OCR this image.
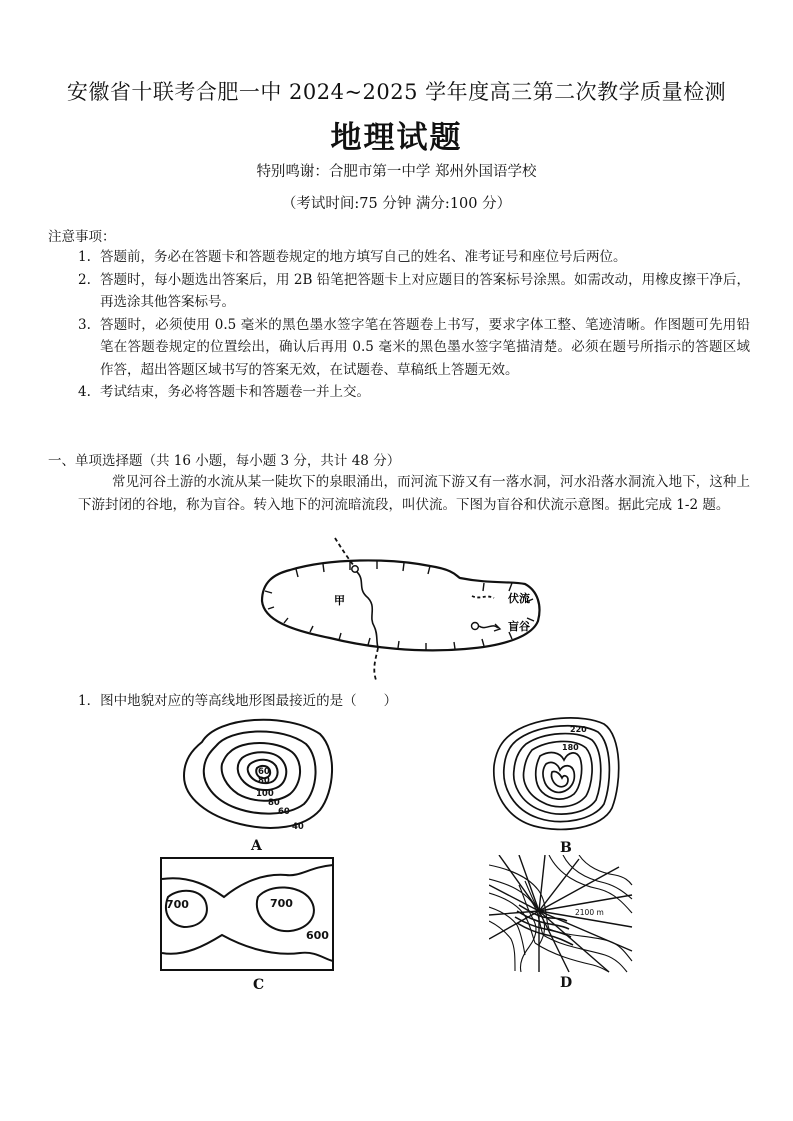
安徽省十联考合肥一中 2024~2025 学年度高三第二次教学质量检测
地理试题
特别鸣谢：合肥市第一中学 郑州外国语学校
（考试时间:75 分钟 满分:100 分）
注意事项：
1. 答题前，务必在答题卡和答题卷规定的地方填写自己的姓名、准考证号和座位号后两位。
2. 答题时，每小题选出答案后，用 2B 铅笔把答题卡上对应题目的答案标号涂黑。如需改动，用橡皮擦干净后，再选涂其他答案标号。
3. 答题时，必须使用 0.5 毫米的黑色墨水签字笔在答题卷上书写，要求字体工整、笔迹清晰。作图题可先用铅笔在答题卷规定的位置绘出，确认后再用 0.5 毫米的黑色墨水签字笔描清楚。必须在题号所指示的答题区域作答，超出答题区域书写的答案无效，在试题卷、草稿纸上答题无效。
4. 考试结束，务必将答题卡和答题卷一并上交。
一、单项选择题（共 16 小题，每小题 3 分，共计 48 分）
常见河谷土游的水流从某一陡坎下的泉眼涌出，而河流下游又有一落水洞，河水沿落水洞流入地下，这种上下游封闭的谷地，称为盲谷。转入地下的河流暗流段，叫伏流。下图为盲谷和伏流示意图。据此完成 1-2 题。
甲	伏流
盲谷
1．图中地貌对应的等高线地形图最接近的是（　　）
60
80
100
80
60
40
A
220
180
B
700	700
600
C
2100 m
D
